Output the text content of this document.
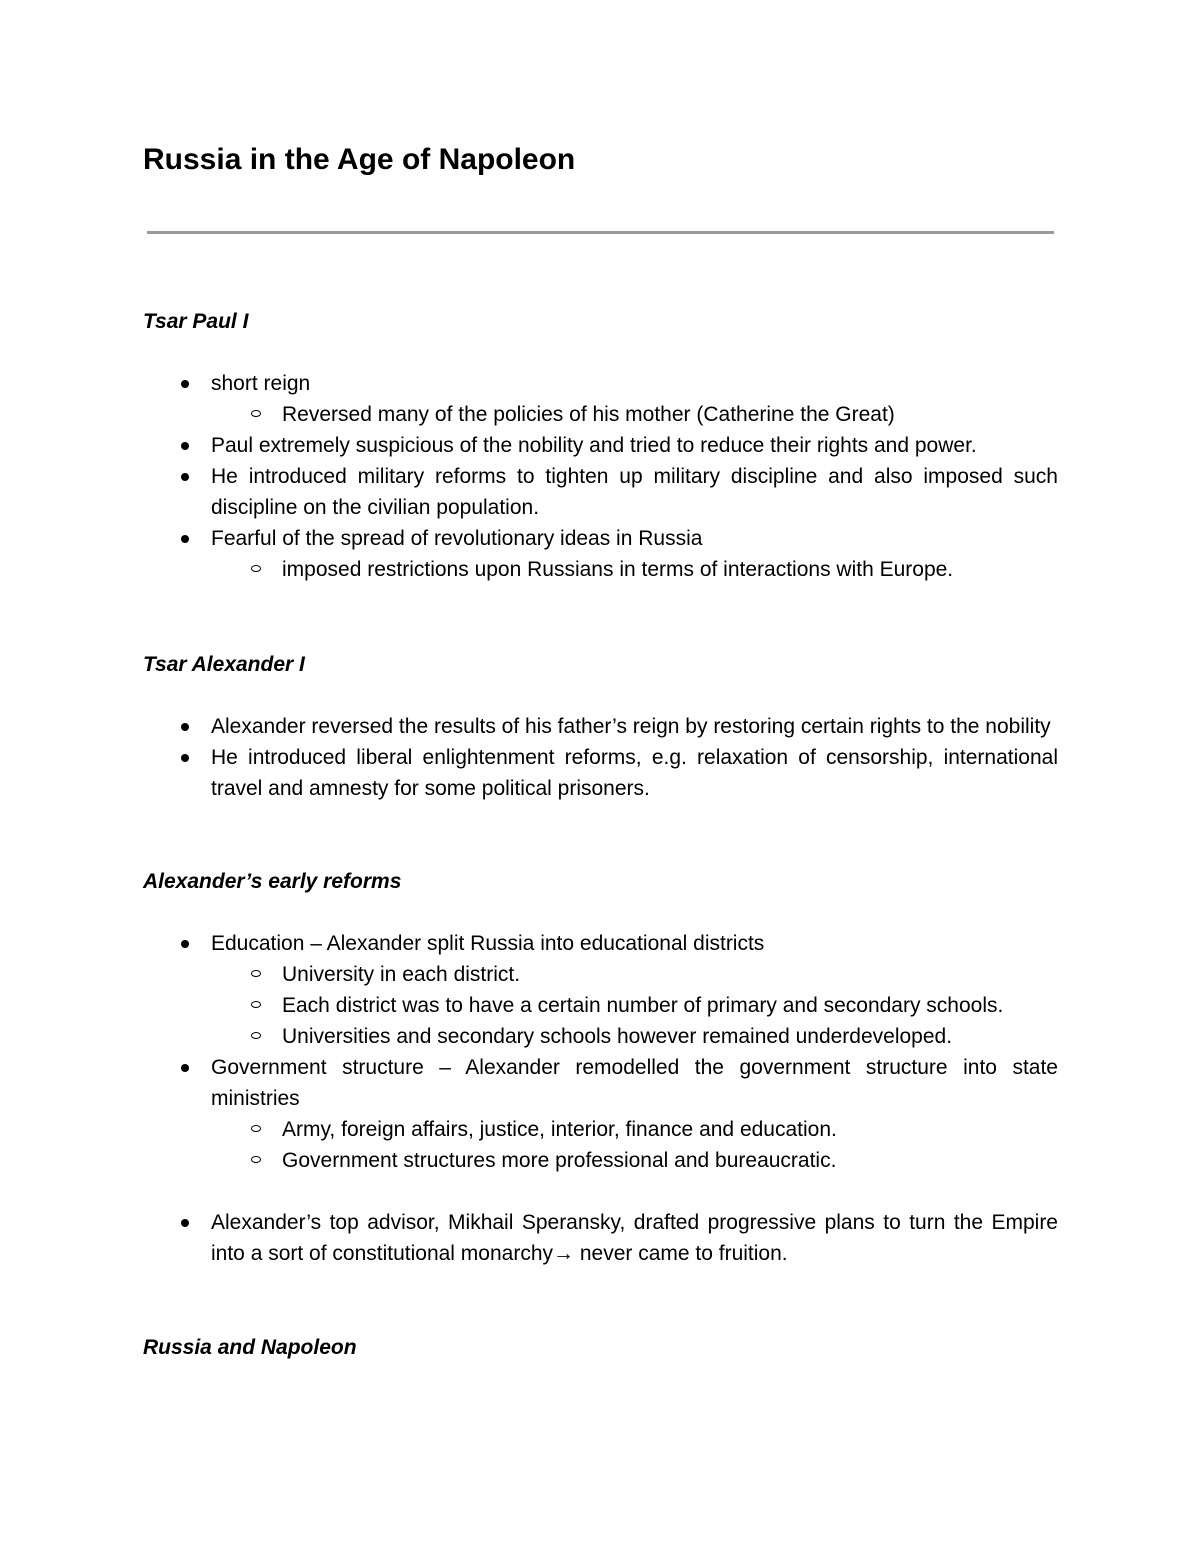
Russia in the Age of Napoleon
Tsar Paul I
short reign
Reversed many of the policies of his mother (Catherine the Great)
Paul extremely suspicious of the nobility and tried to reduce their rights and power.
He introduced military reforms to tighten up military discipline and also imposed such discipline on the civilian population.
Fearful of the spread of revolutionary ideas in Russia
imposed restrictions upon Russians in terms of interactions with Europe.
Tsar Alexander I
Alexander reversed the results of his father’s reign by restoring certain rights to the nobility
He introduced liberal enlightenment reforms, e.g. relaxation of censorship, international travel and amnesty for some political prisoners.
Alexander’s early reforms
Education – Alexander split Russia into educational districts
University in each district.
Each district was to have a certain number of primary and secondary schools.
Universities and secondary schools however remained underdeveloped.
Government structure – Alexander remodelled the government structure into state ministries
Army, foreign affairs, justice, interior, finance and education.
Government structures more professional and bureaucratic.
Alexander’s top advisor, Mikhail Speransky, drafted progressive plans to turn the Empire into a sort of constitutional monarchy→ never came to fruition.
Russia and Napoleon
